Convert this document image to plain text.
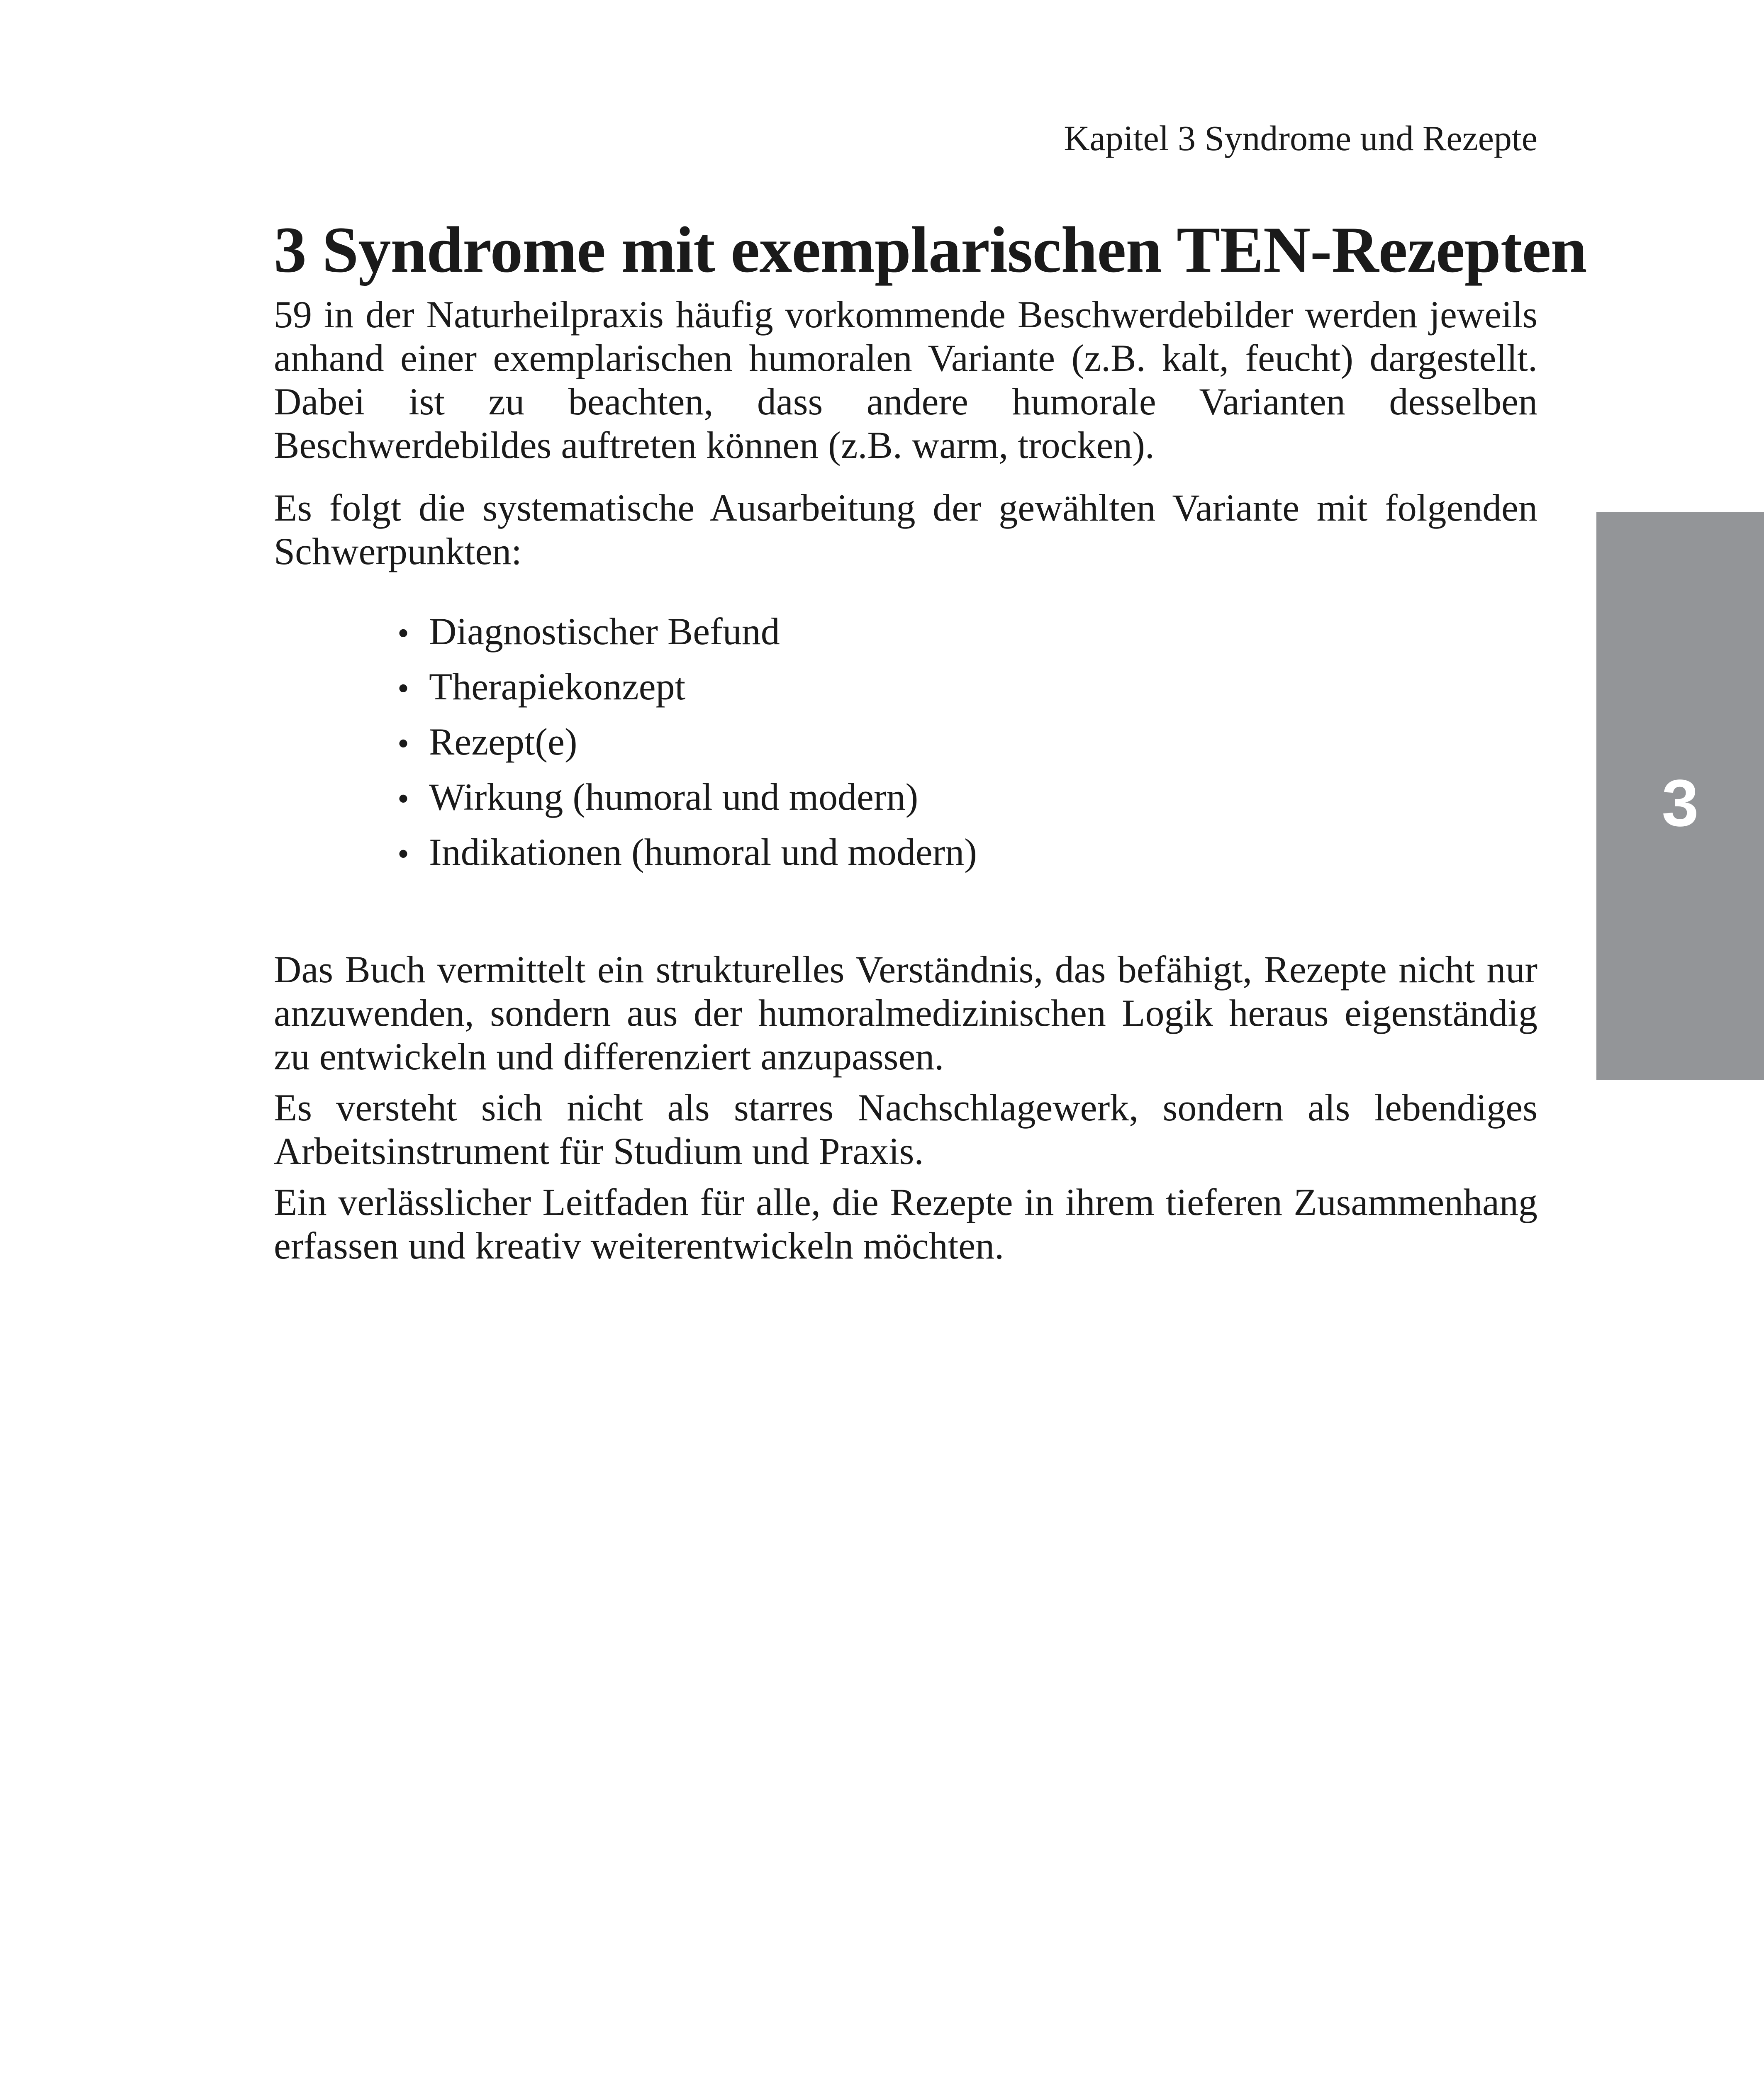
Kapitel 3 Syndrome und Rezepte
3
3 Syndrome mit exemplarischen TEN-Rezepten

59 in der Naturheilpraxis häufig vorkommende Beschwerdebilder werden jeweils anhand einer exemplarischen humoralen Variante (z.B. kalt, feucht) dargestellt. Dabei ist zu beachten, dass andere humorale Varianten desselben Beschwerdebildes auftreten können (z.B. warm, trocken).

Es folgt die systematische Ausarbeitung der gewählten Variante mit folgenden Schwerpunkten:

• Diagnostischer Befund
• Therapiekonzept
• Rezept(e)
• Wirkung (humoral und modern)
• Indikationen (humoral und modern)

Das Buch vermittelt ein strukturelles Verständnis, das befähigt, Rezepte nicht nur anzuwenden, sondern aus der humoralmedizinischen Logik heraus eigenständig zu entwickeln und differenziert anzupassen.

Es versteht sich nicht als starres Nachschlagewerk, sondern als lebendiges Arbeitsinstrument für Studium und Praxis.

Ein verlässlicher Leitfaden für alle, die Rezepte in ihrem tieferen Zusammenhang erfassen und kreativ weiterentwickeln möchten.
